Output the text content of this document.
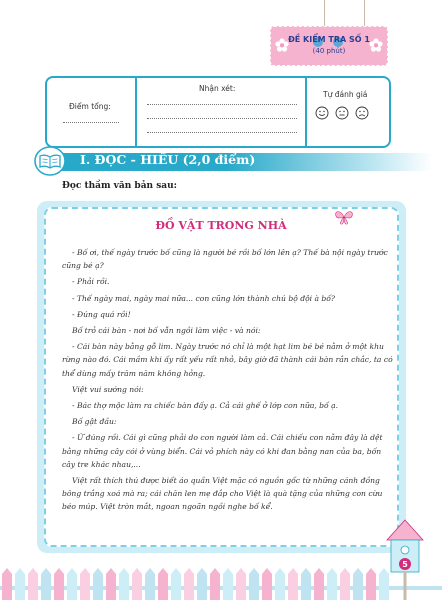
ĐỀ KIỂM TRA SỐ 1
(40 phút)
Điểm tổng:
Nhận xét:
Tự đánh giá
I. ĐỌC - HIỂU (2,0 điểm)
Đọc thầm văn bản sau:
ĐỒ VẬT TRONG NHÀ

- Bố ơi, thế ngày trước bố cũng là người bé rồi bố lớn lên ạ? Thế bà nội ngày trước cũng bé ạ?

- Phải rồi.

- Thế ngày mai, ngày mai nữa... con cũng lớn thành chú bộ đội à bố?

- Đúng quá rồi!

Bố trỏ cái bàn - nơi bố vẫn ngồi làm việc - và nói:

- Cái bàn này bằng gỗ lim. Ngày trước nó chỉ là một hạt lim bé bé nằm ở một khu rừng nào đó. Cái mầm khi ấy rất yếu rất nhỏ, bây giờ đã thành cái bàn rắn chắc, ta có thể dùng mấy trăm năm không hỏng.

Việt vui sướng nói:

- Bác thợ mộc làm ra chiếc bàn đấy ạ. Cả cái ghế ở lớp con nữa, bố ạ.

Bố gật đầu:

- Ừ đúng rồi. Cái gì cũng phải do con người làm cả. Cái chiếu con nằm đây là dệt bằng những cây cói ở vùng biển. Cái vỏ phích này có khi đan bằng nan của ba, bốn cây tre khác nhau,...

Việt rất thích thú được biết áo quần Việt mặc có nguồn gốc từ những cánh đồng bông trắng xoá mà ra; cái chăn len mẹ đắp cho Việt là quà tặng của những con cừu béo múp. Việt tròn mắt, ngoan ngoãn ngồi nghe bố kể.

5
